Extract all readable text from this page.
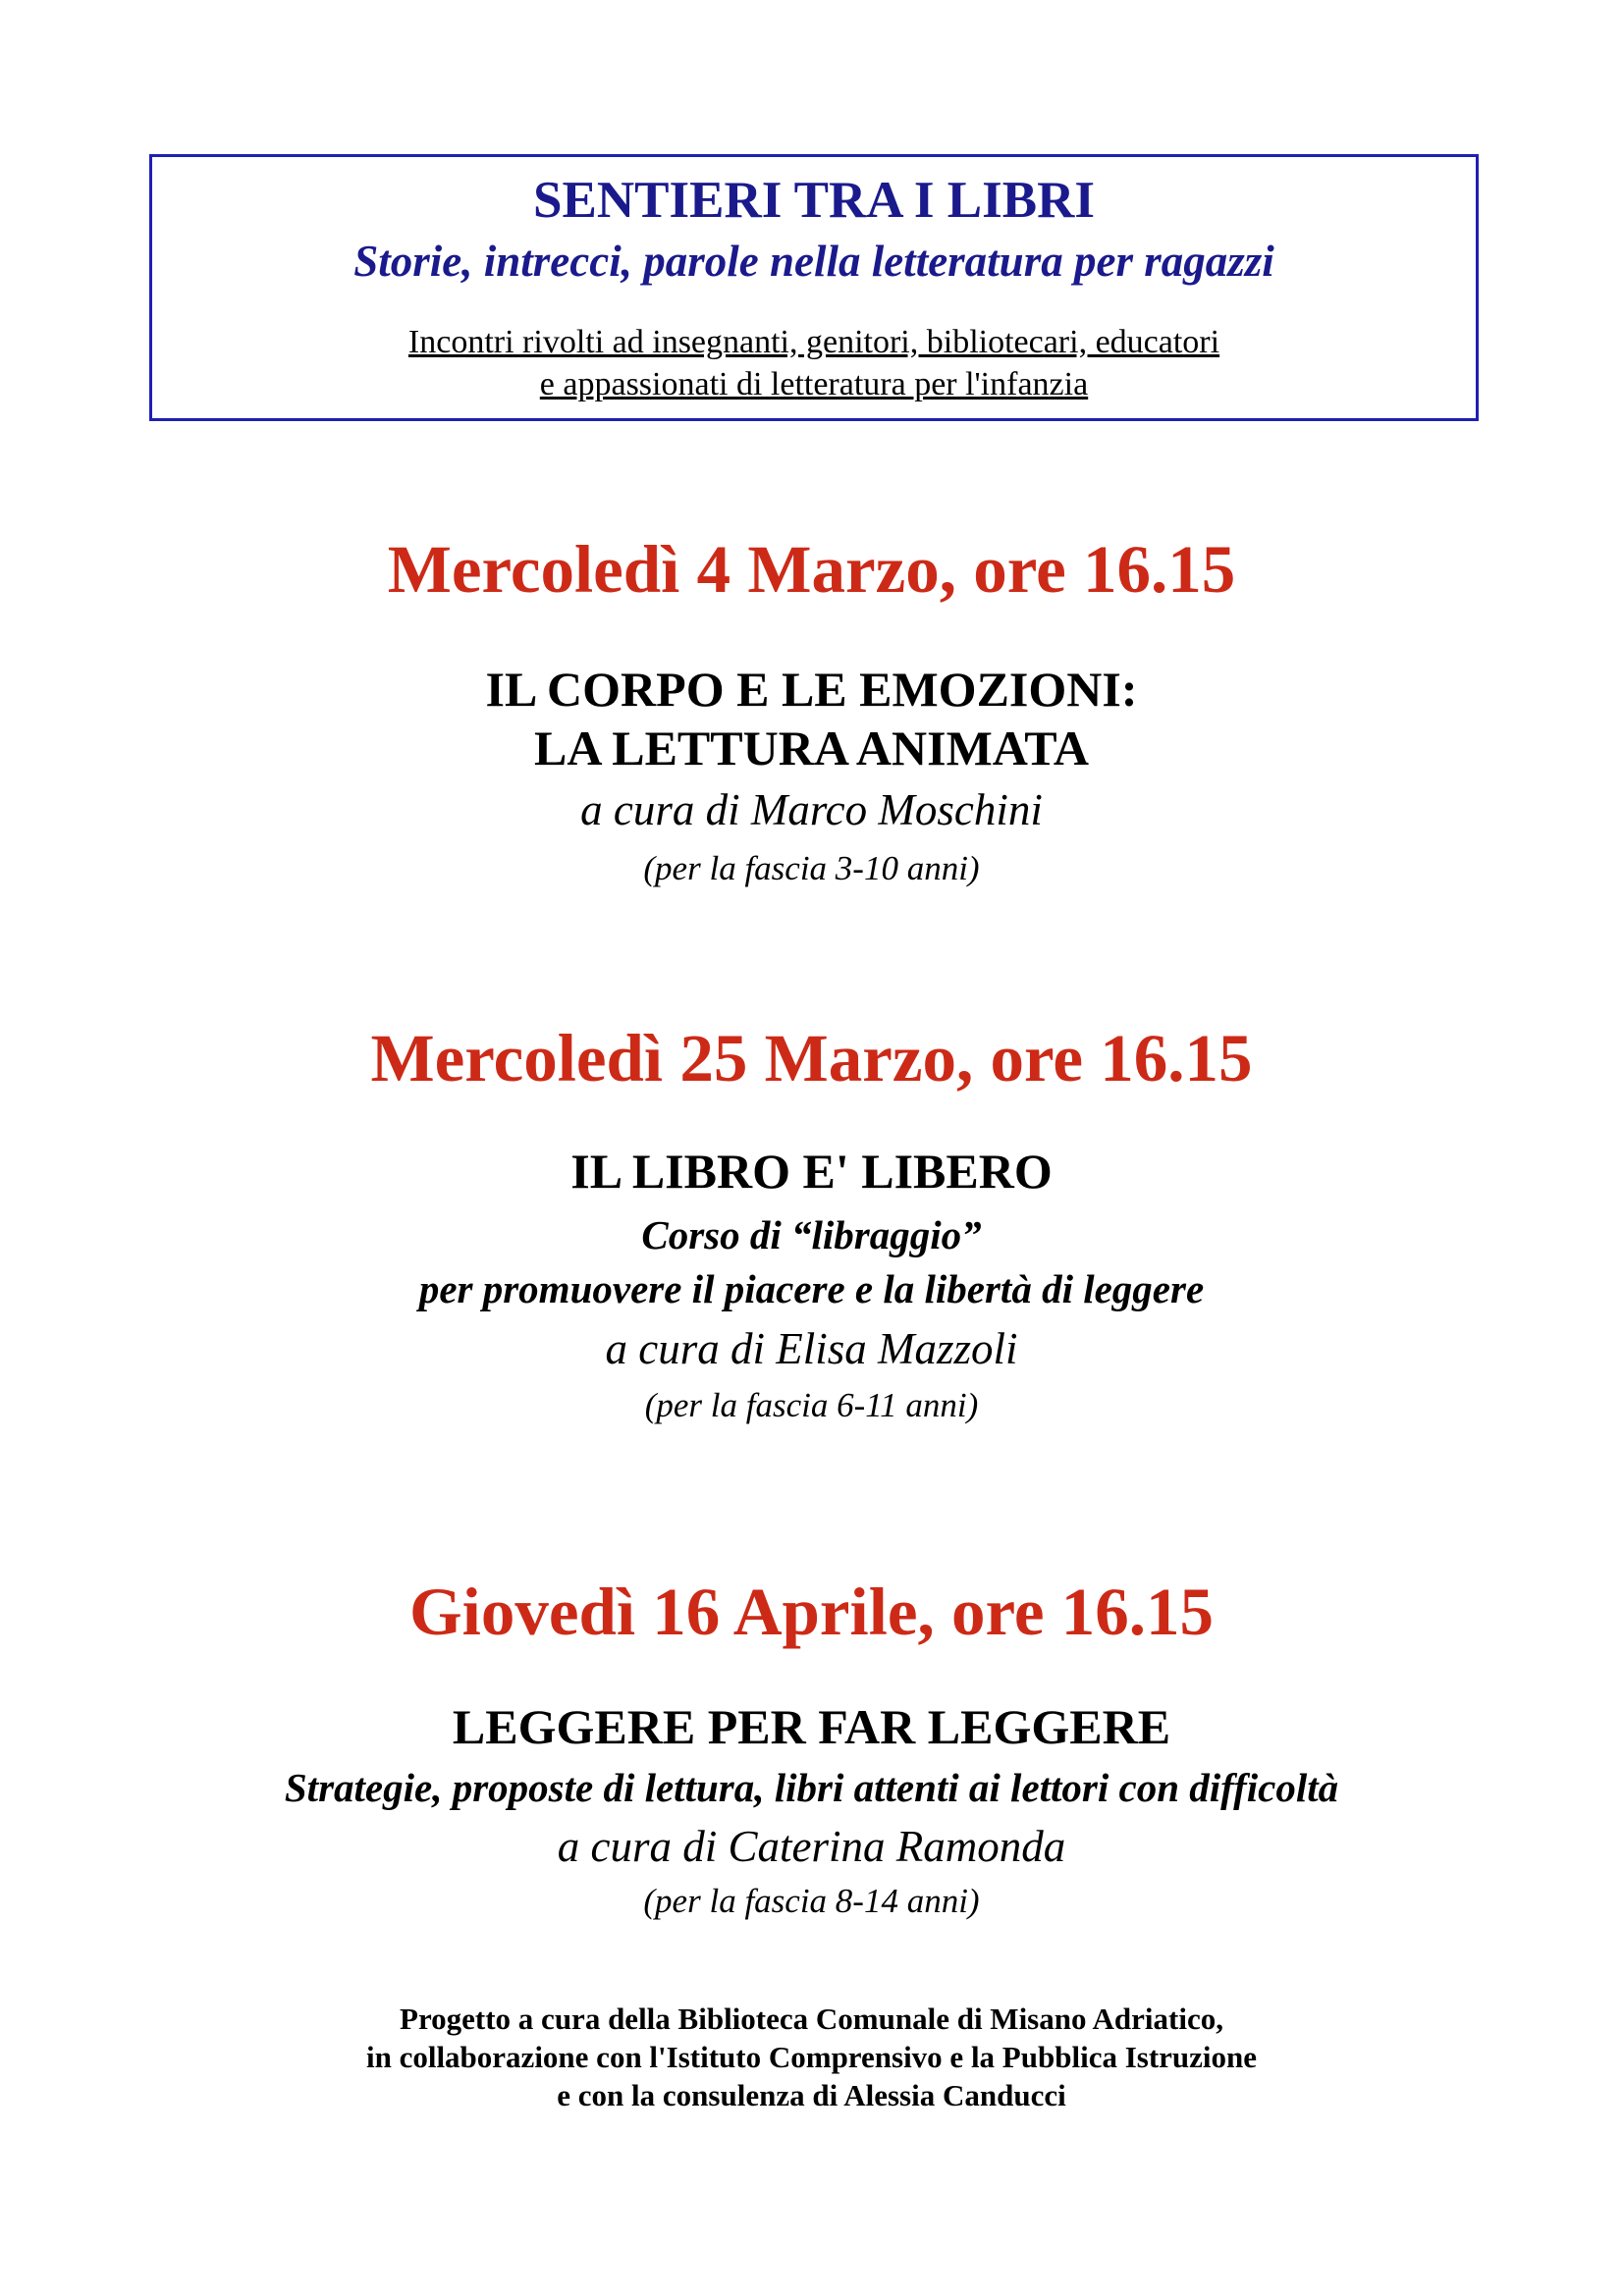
SENTIERI TRA I LIBRI
Storie, intrecci, parole nella letteratura per ragazzi
Incontri rivolti ad insegnanti, genitori, bibliotecari, educatori
e appassionati di letteratura per l'infanzia
Mercoledì 4 Marzo, ore 16.15
IL CORPO E LE EMOZIONI:
LA LETTURA ANIMATA
a cura di Marco Moschini
(per la fascia 3-10 anni)
Mercoledì 25 Marzo, ore 16.15
IL LIBRO E' LIBERO
Corso di “libraggio”
per promuovere il piacere e la libertà di leggere
a cura di Elisa Mazzoli
(per la fascia 6-11 anni)
Giovedì 16 Aprile, ore 16.15
LEGGERE PER FAR LEGGERE
Strategie, proposte di lettura, libri attenti ai lettori con difficoltà
a cura di Caterina Ramonda
(per la fascia 8-14 anni)
Progetto a cura della Biblioteca Comunale di Misano Adriatico,
in collaborazione con l'Istituto Comprensivo e la Pubblica Istruzione
e con la consulenza di Alessia Canducci
